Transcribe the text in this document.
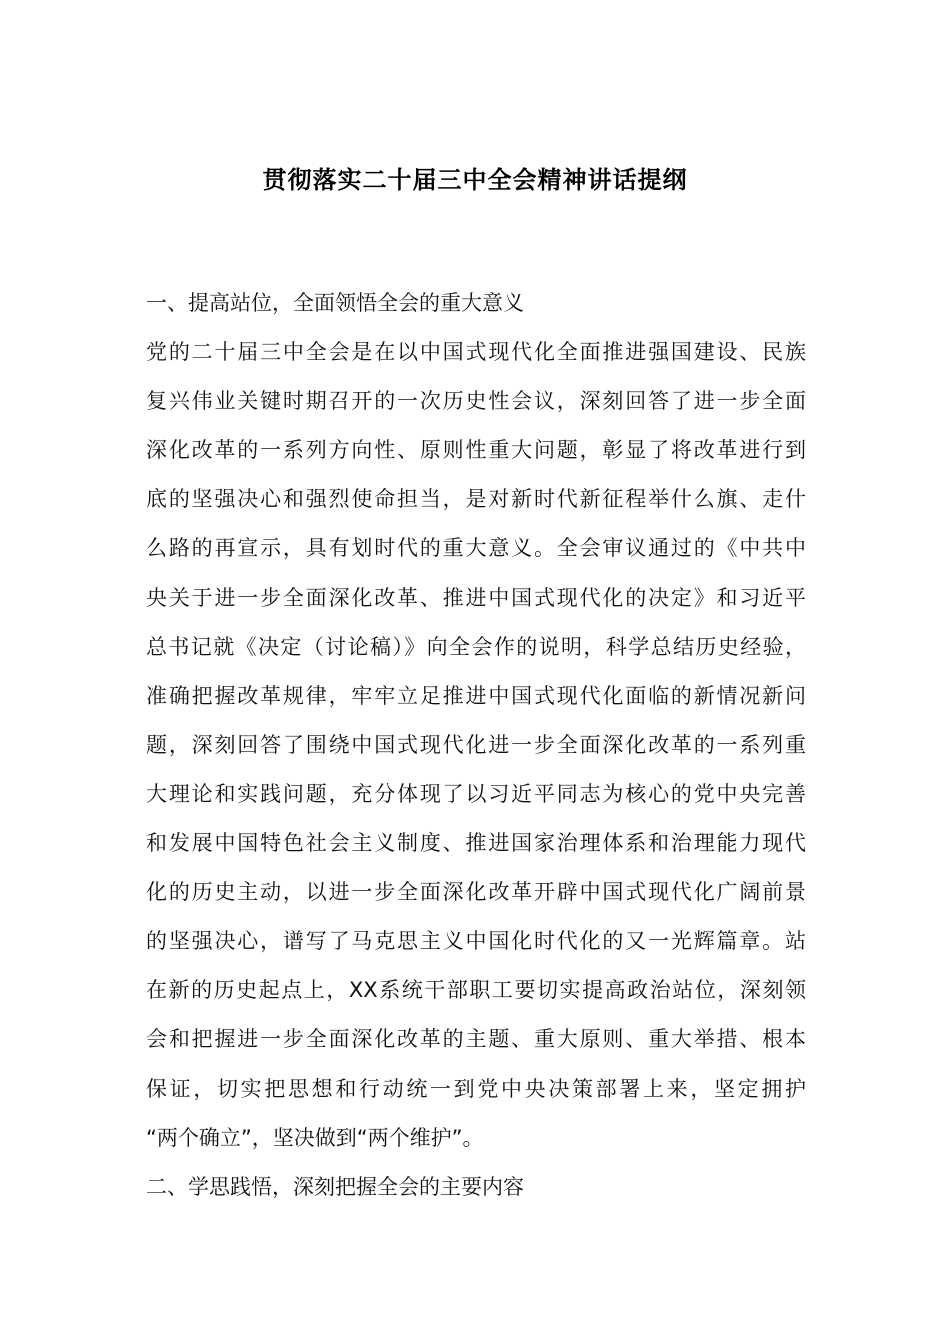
贯彻落实二十届三中全会精神讲话提纲
一、提高站位，全面领悟全会的重大意义
党的二十届三中全会是在以中国式现代化全面推进强国建设、民族
复兴伟业关键时期召开的一次历史性会议，深刻回答了进一步全面
深化改革的一系列方向性、原则性重大问题，彰显了将改革进行到
底的坚强决心和强烈使命担当，是对新时代新征程举什么旗、走什
么路的再宣示，具有划时代的重大意义。全会审议通过的《中共中
央关于进一步全面深化改革、推进中国式现代化的决定》和习近平
总书记就《决定（讨论稿）》向全会作的说明，科学总结历史经验，
准确把握改革规律，牢牢立足推进中国式现代化面临的新情况新问
题，深刻回答了围绕中国式现代化进一步全面深化改革的一系列重
大理论和实践问题，充分体现了以习近平同志为核心的党中央完善
和发展中国特色社会主义制度、推进国家治理体系和治理能力现代
化的历史主动，以进一步全面深化改革开辟中国式现代化广阔前景
的坚强决心，谱写了马克思主义中国化时代化的又一光辉篇章。站
在新的历史起点上，XX系统干部职工要切实提高政治站位，深刻领
会和把握进一步全面深化改革的主题、重大原则、重大举措、根本
保证，切实把思想和行动统一到党中央决策部署上来，坚定拥护
“两个确立”，坚决做到“两个维护”。
二、学思践悟，深刻把握全会的主要内容
